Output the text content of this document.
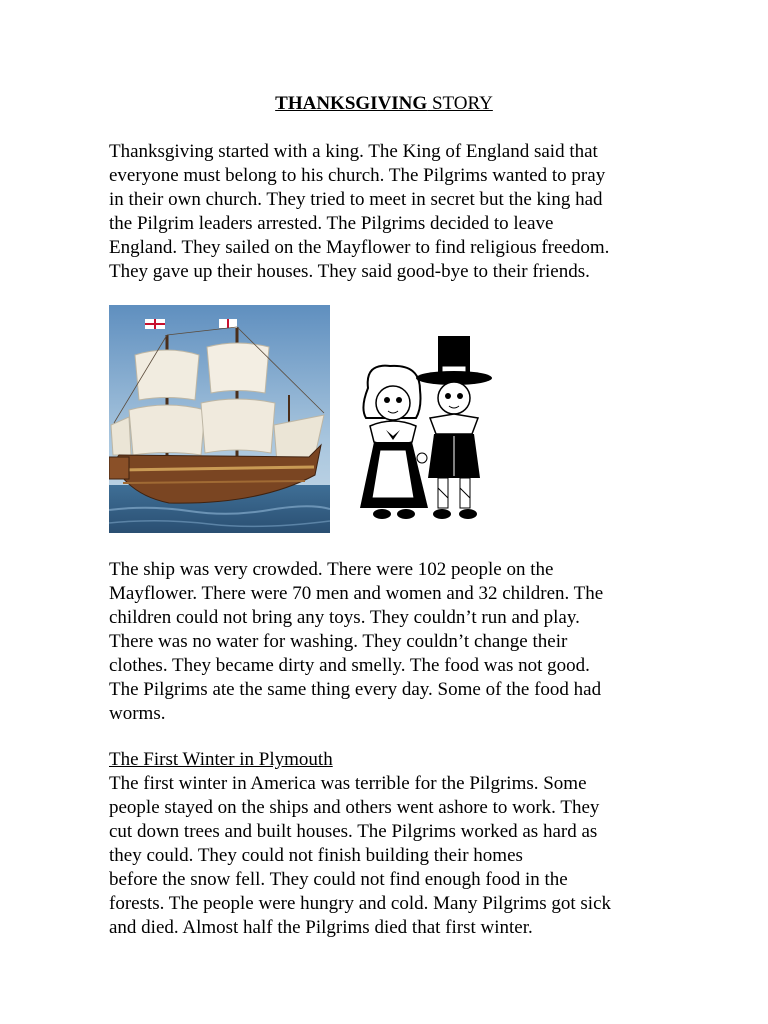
THANKSGIVING STORY

Thanksgiving started with a king. The King of England said that
everyone must belong to his church. The Pilgrims wanted to pray
in their own church. They tried to meet in secret but the king had
the Pilgrim leaders arrested. The Pilgrims decided to leave
England. They sailed on the Mayflower to find religious freedom.
They gave up their houses. They said good-bye to their friends.

The ship was very crowded. There were 102 people on the
Mayflower. There were 70 men and women and 32 children. The
children could not bring any toys. They couldn’t run and play.
There was no water for washing. They couldn’t change their
clothes. They became dirty and smelly. The food was not good.
The Pilgrims ate the same thing every day. Some of the food had
worms.

The First Winter in Plymouth
The first winter in America was terrible for the Pilgrims. Some
people stayed on the ships and others went ashore to work. They
cut down trees and built houses. The Pilgrims worked as hard as
they could. They could not finish building their homes
before the snow fell. They could not find enough food in the
forests. The people were hungry and cold. Many Pilgrims got sick
and died. Almost half the Pilgrims died that first winter.
